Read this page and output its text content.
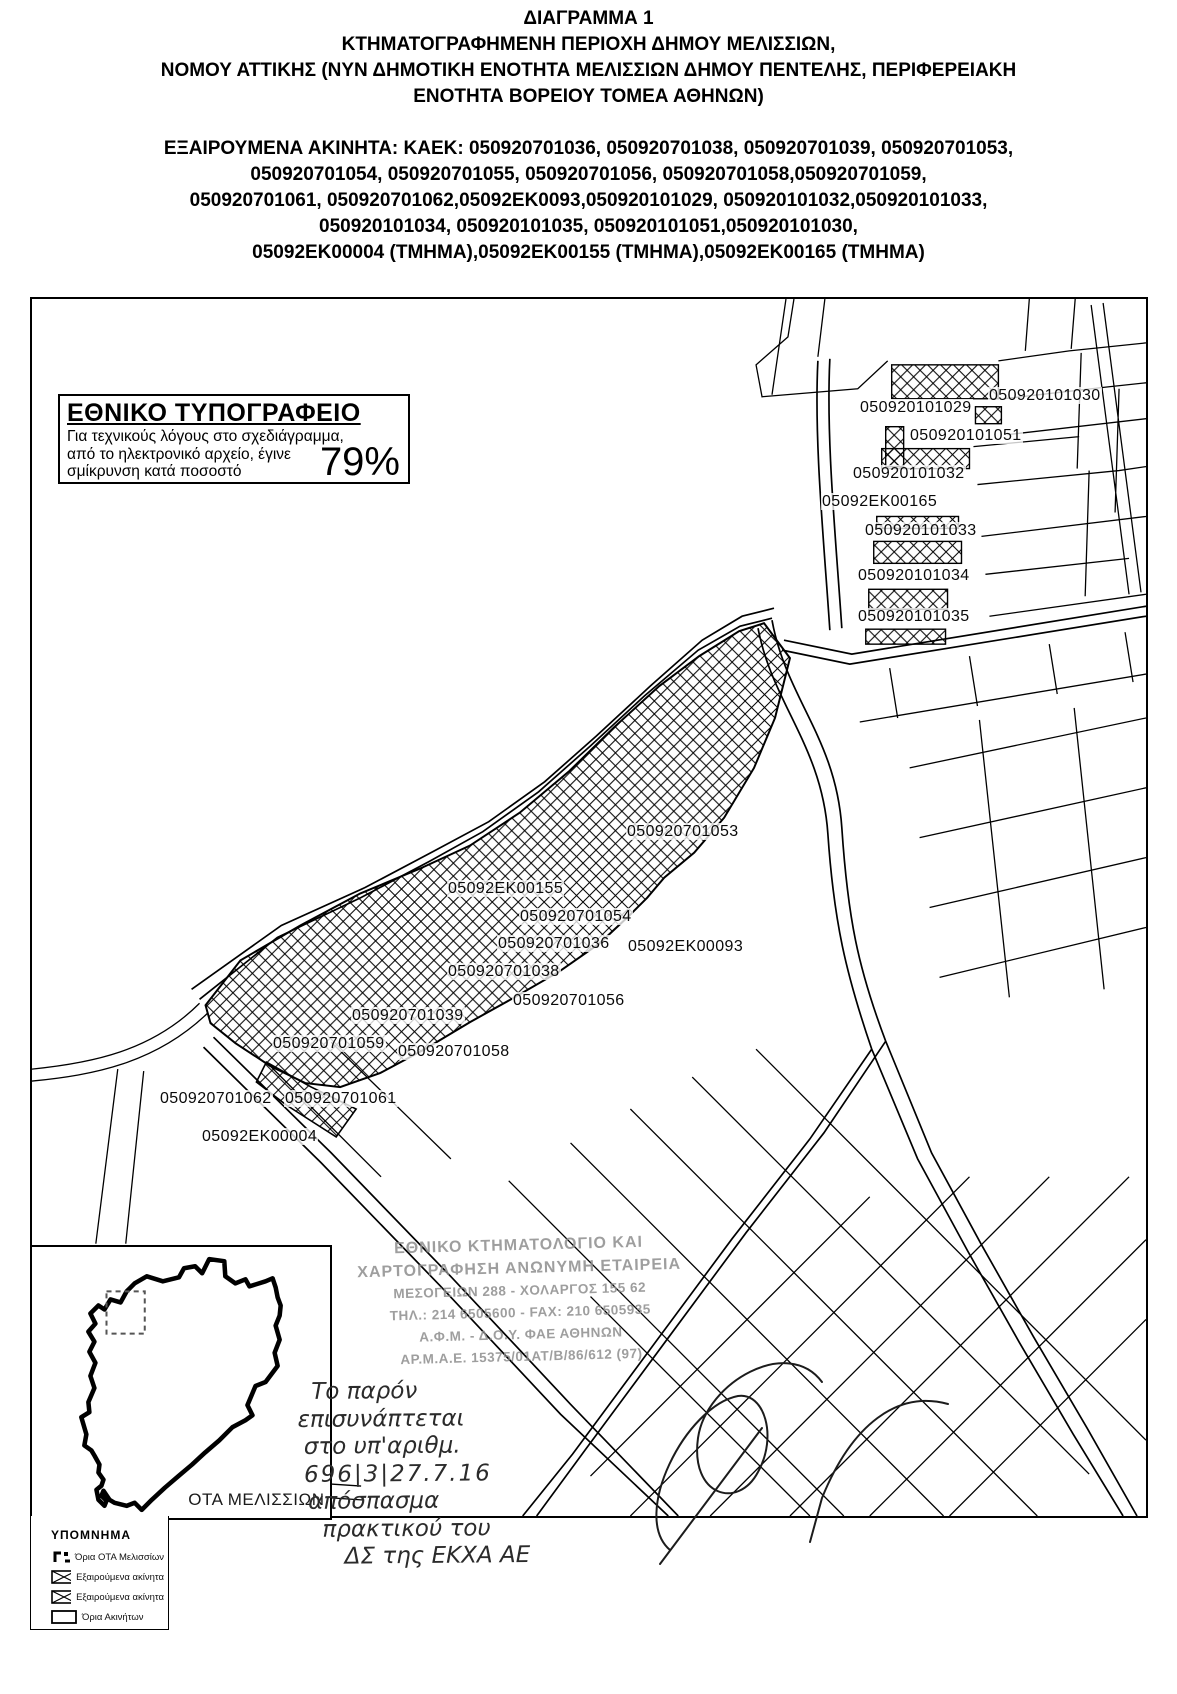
ΔΙΑΓΡΑΜΜΑ 1
ΚΤΗΜΑΤΟΓΡΑΦΗΜΕΝΗ ΠΕΡΙΟΧΗ ΔΗΜΟΥ ΜΕΛΙΣΣΙΩΝ,
ΝΟΜΟΥ ΑΤΤΙΚΗΣ (ΝΥΝ ΔΗΜΟΤΙΚΗ ΕΝΟΤΗΤΑ ΜΕΛΙΣΣΙΩΝ ΔΗΜΟΥ ΠΕΝΤΕΛΗΣ, ΠΕΡΙΦΕΡΕΙΑΚΗ
ΕΝΟΤΗΤΑ ΒΟΡΕΙΟΥ ΤΟΜΕΑ ΑΘΗΝΩΝ)
ΕΞΑΙΡΟΥΜΕΝΑ ΑΚΙΝΗΤΑ: ΚΑΕΚ: 050920701036, 050920701038, 050920701039, 050920701053,
050920701054, 050920701055, 050920701056, 050920701058,050920701059,
050920701061, 050920701062,05092ΕΚ0093,050920101029, 050920101032,050920101033,
050920101034, 050920101035, 050920101051,050920101030,
05092ΕΚ00004 (ΤΜΗΜΑ),05092ΕΚ00155 (ΤΜΗΜΑ),05092ΕΚ00165 (ΤΜΗΜΑ)
ΕΘΝΙΚΟ ΤΥΠΟΓΡΑΦΕΙΟ
Για τεχνικούς λόγους στο σχεδιάγραμμα,
από το ηλεκτρονικό αρχείο, έγινε
σμίκρυνση κατά ποσοστό	79%
ΟΤΑ ΜΕΛΙΣΣΙΩΝ
050920101030
050920101029
050920101051
050920101032
05092ΕΚ00165
050920101033
050920101034
050920101035
050920701053
05092ΕΚ00155
050920701054
050920701036 05092ΕΚ00093
050920701038
050920701056
050920701039
050920701059 050920701058
050920701062 050920701061
05092ΕΚ00004
ΥΠΟΜΝΗΜΑ
Όρια ΟΤΑ Μελισσίων
Εξαιρούμενα ακίνητα
Εξαιρούμενα ακίνητα
Όρια Ακινήτων
ΕΘΝΙΚΟ ΚΤΗΜΑΤΟΛΟΓΙΟ ΚΑΙ
ΧΑΡΤΟΓΡΑΦΗΣΗ ΑΝΩΝΥΜΗ ΕΤΑΙΡΕΙΑ
ΜΕΣΟΓΕΙΩΝ 288 - ΧΟΛΑΡΓΟΣ 155 62
ΤΗΛ.: 214 6505600 - FAX: 210 6505935
Α.Φ.Μ. - Δ.Ο.Υ. ΦΑΕ ΑΘΗΝΩΝ
ΑΡ.Μ.Α.Ε. 15375/01ΑΤ/Β/86/612 (97)
Το παρόν
επισυνάπτεται
στο υπ'αριθμ.
696|3|27.7.16
απόσπασμα
πρακτικού του
ΔΣ της ΕΚΧΑ ΑΕ
